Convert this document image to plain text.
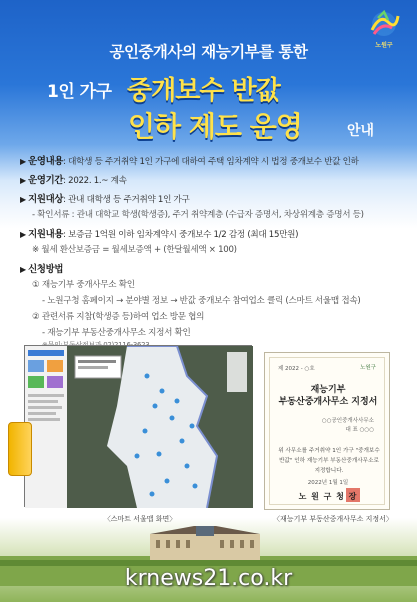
노원구
공인중개사의 재능기부를 통한
1인 가구 중개보수 반값
인하 제도 운영	안내
▶ 운영내용: 대학생 등 주거취약 1인 가구에 대하여 주택 임차계약 시 법정 중개보수 반값 인하
▶ 운영기간: 2022. 1.~ 계속
▶ 지원대상: 관내 대학생 등 주거취약 1인 가구
- 확인서류 : 관내 대학교 학생(학생증), 주거 취약계층 (수급자 증명서, 차상위계층 증명서 등)
▶ 지원내용: 보증금 1억원 이하 임차계약시 중개보수 1/2 감정 (최대 15만원)
※ 월세 환산보증금 = 월세보증액 + (한달월세액 × 100)
▶ 신청방법
① 재능기부 중개사무소 확인
- 노원구청 홈페이지 → 분야별 정보 → 반값 중개보수 참여업소 클릭 (스마트 서울맵 접속)
② 관련서류 지참(학생증 등)하여 업소 방문 협의
- 재능기부 부동산중개사무소 지정서 확인
〈스마트 서울맵 화면〉
제 2022 - ○호	노원구
재능기부
부동산중개사무소 지정서
○○공인중개사사무소
대 표 ○○○
위 사무소를 주거취약 1인 가구 "중개보수 반값" 인하 재능기부 부동산중개사무소로 지정합니다.
2022년 1월 1일
노 원 구 청 장
〈재능기부 부동산중개사무소 지정서〉
krnews21.co.kr
